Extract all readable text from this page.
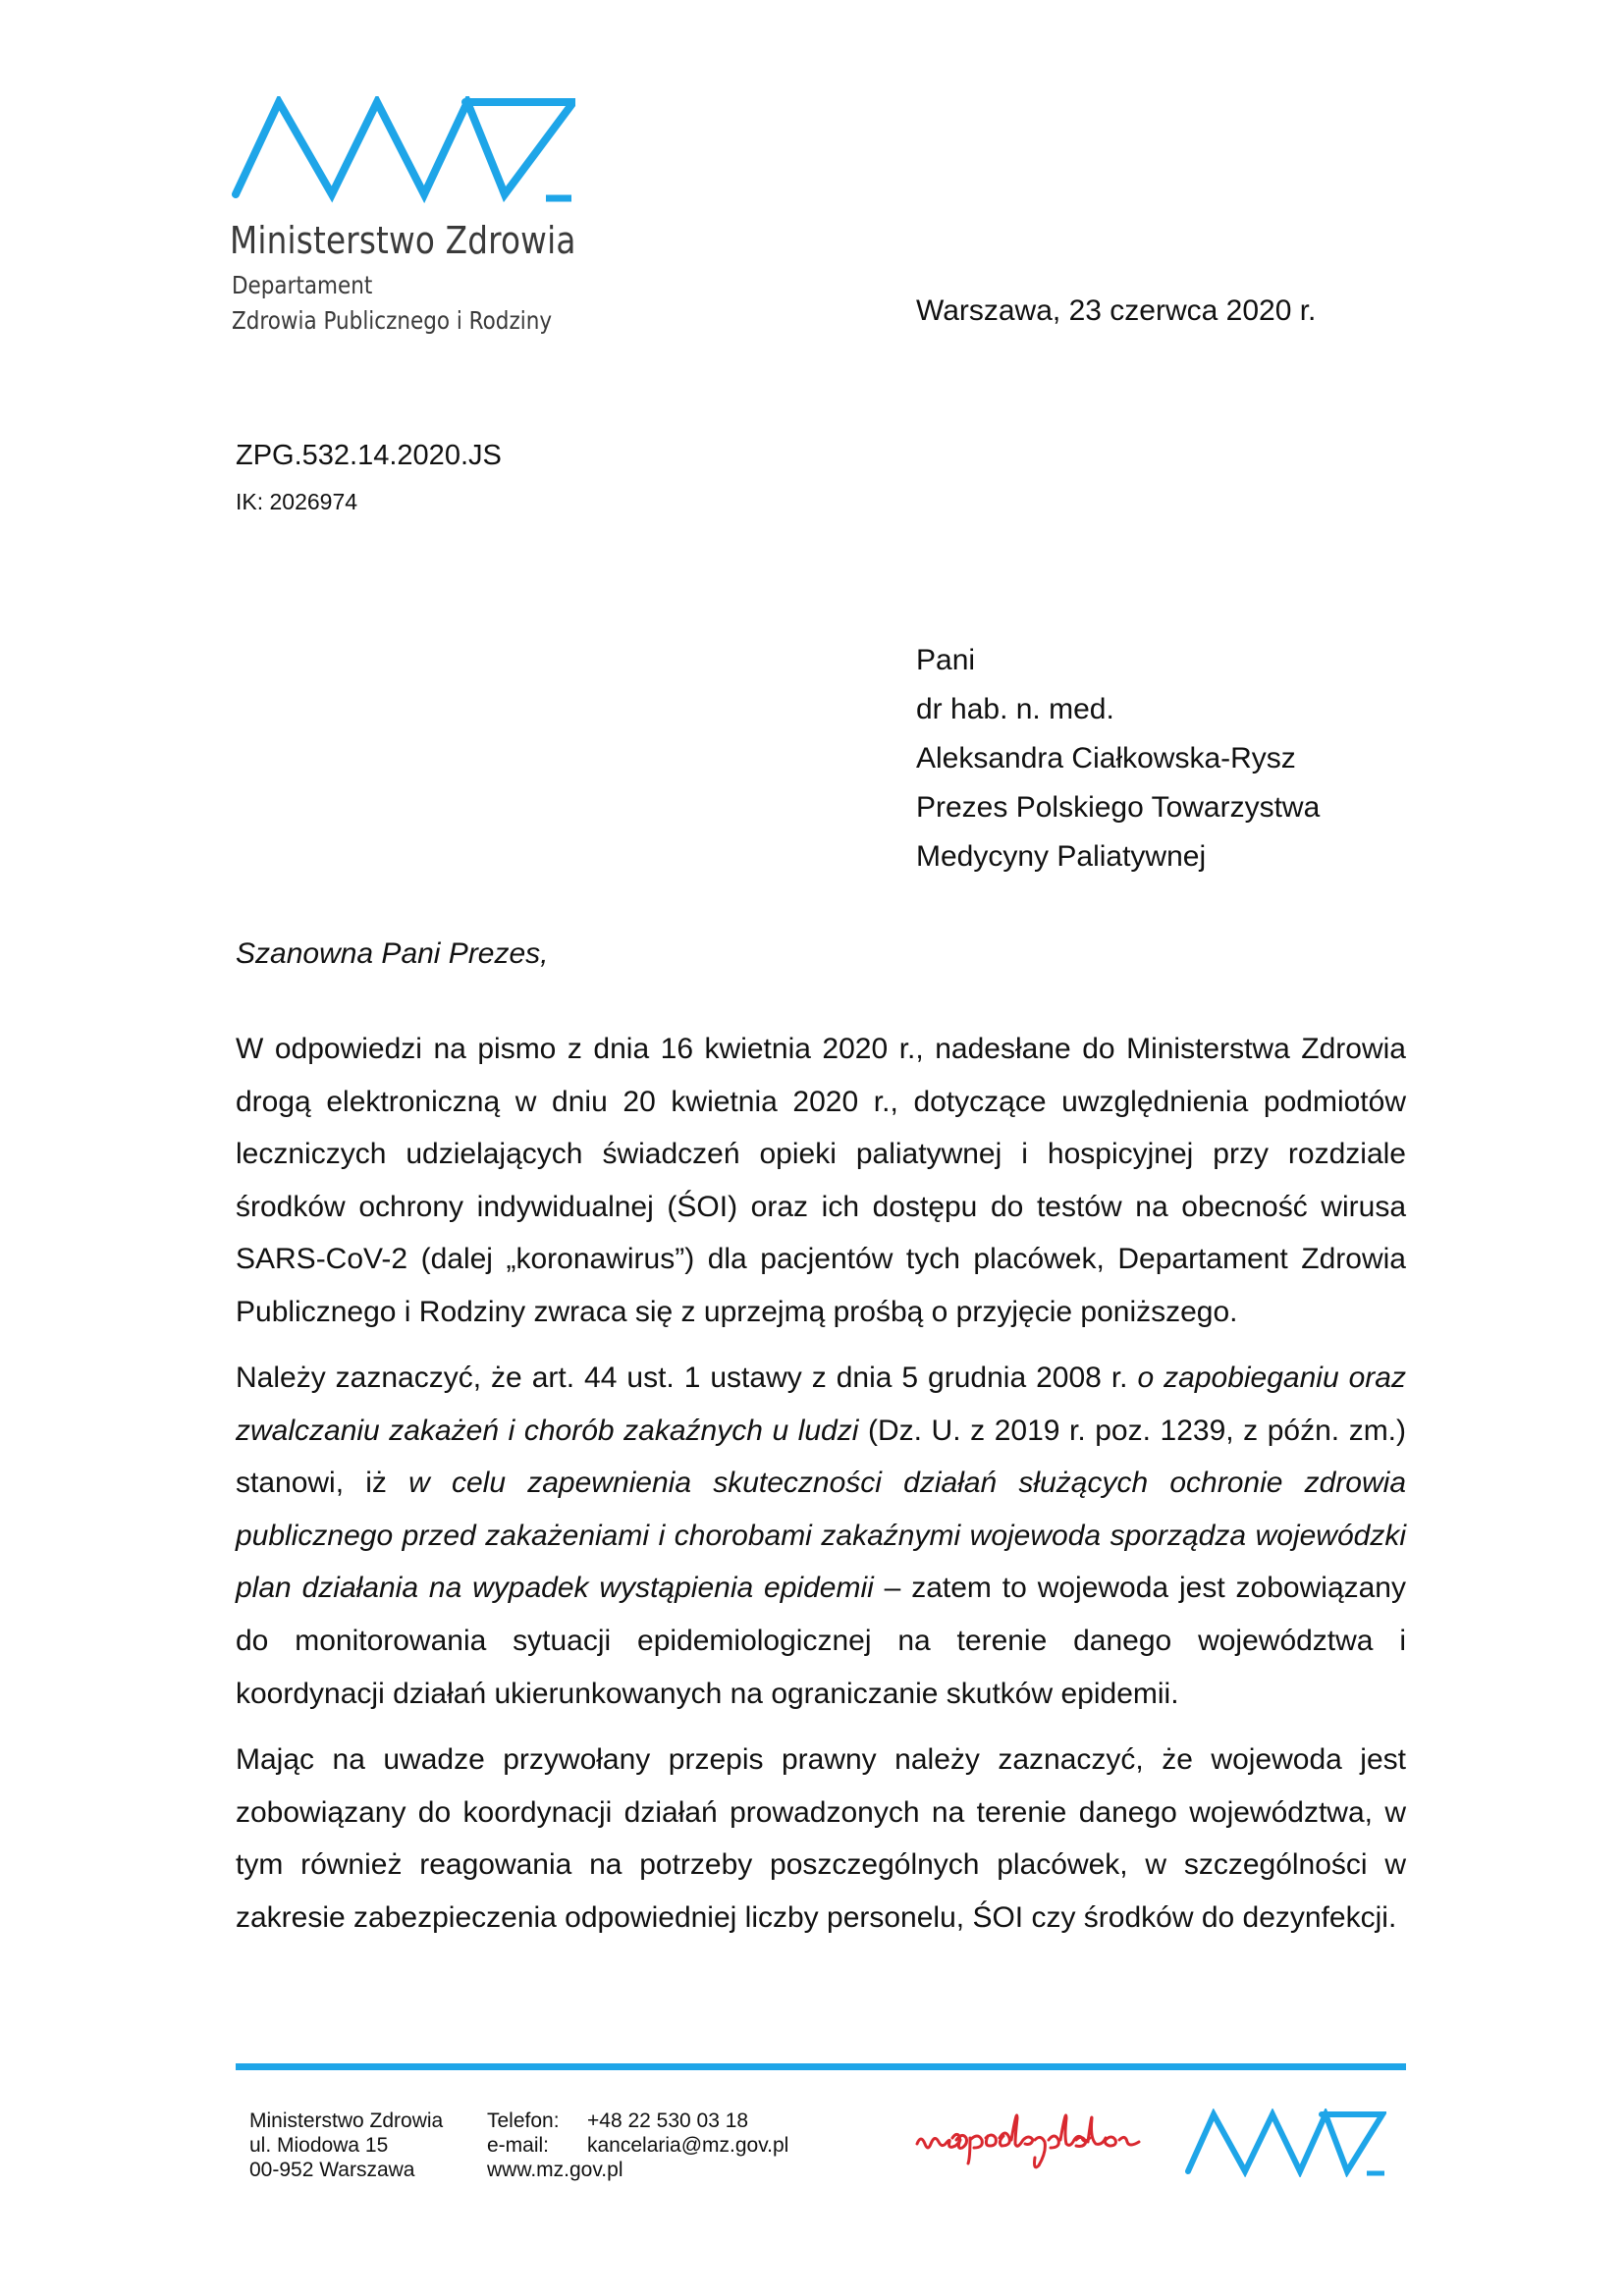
Ministerstwo Zdrowia
Departament
Zdrowia Publicznego i Rodziny	Warszawa, 23 czerwca 2020 r.
ZPG.532.14.2020.JS
IK: 2026974
Pani
dr hab. n. med.
Aleksandra Ciałkowska-Rysz
Prezes Polskiego Towarzystwa
Medycyny Paliatywnej
Szanowna Pani Prezes,

W odpowiedzi na pismo z dnia 16 kwietnia 2020 r., nadesłane do Ministerstwa Zdrowia drogą elektroniczną w dniu 20 kwietnia 2020 r., dotyczące uwzględnienia podmiotów leczniczych udzielających świadczeń opieki paliatywnej i hospicyjnej przy rozdziale środków ochrony indywidualnej (ŚOI) oraz ich dostępu do testów na obecność wirusa SARS-CoV-2 (dalej „koronawirus”) dla pacjentów tych placówek, Departament Zdrowia Publicznego i Rodziny zwraca się z uprzejmą prośbą o przyjęcie poniższego.

Należy zaznaczyć, że art. 44 ust. 1 ustawy z dnia 5 grudnia 2008 r. o zapobieganiu oraz zwalczaniu zakażeń i chorób zakaźnych u ludzi (Dz. U. z 2019 r. poz. 1239, z późn. zm.) stanowi, iż w celu zapewnienia skuteczności działań służących ochronie zdrowia publicznego przed zakażeniami i chorobami zakaźnymi wojewoda sporządza wojewódzki plan działania na wypadek wystąpienia epidemii – zatem to wojewoda jest zobowiązany do monitorowania sytuacji epidemiologicznej na terenie danego województwa i koordynacji działań ukierunkowanych na ograniczanie skutków epidemii.

Mając na uwadze przywołany przepis prawny należy zaznaczyć, że wojewoda jest zobowiązany do koordynacji działań prowadzonych na terenie danego województwa, w tym również reagowania na potrzeby poszczególnych placówek, w szczególności w zakresie zabezpieczenia odpowiedniej liczby personelu, ŚOI czy środków do dezynfekcji.

Ministerstwo Zdrowia
ul. Miodowa 15
00-952 Warszawa
Telefon:
e-mail:
www.mz.gov.pl
+48 22 530 03 18
kancelaria@mz.gov.pl
